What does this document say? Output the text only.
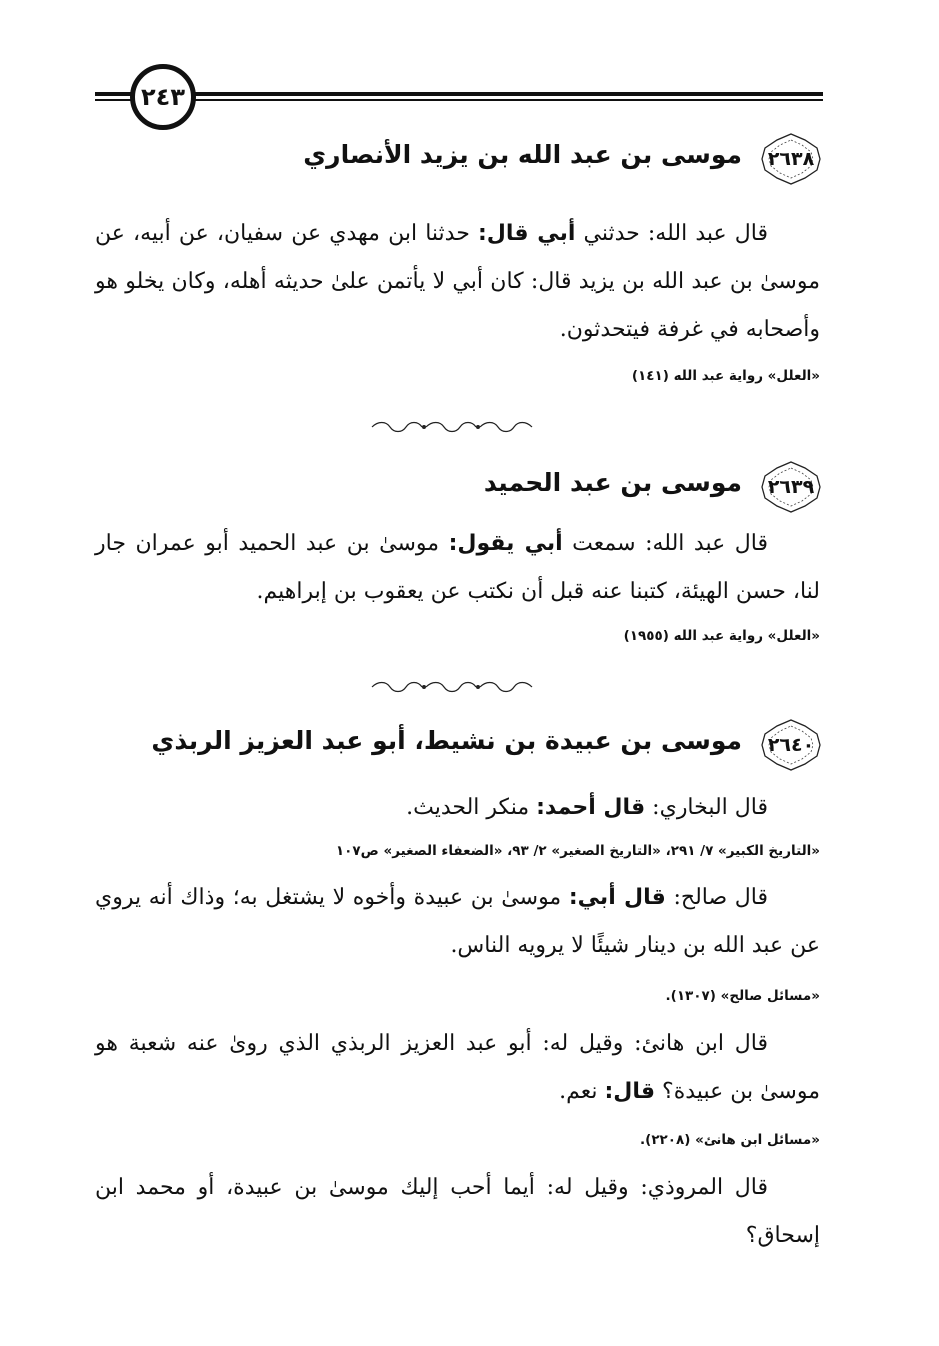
٢٤٣
٢٦٣٨
موسى بن عبد الله بن يزيد الأنصاري
قال عبد الله: حدثني أبي قال: حدثنا ابن مهدي عن سفيان، عن أبيه، عن موسىٰ بن عبد الله بن يزيد قال: كان أبي لا يأتمن علىٰ حديثه أهله، وكان يخلو هو وأصحابه في غرفة فيتحدثون.
«العلل» رواية عبد الله (١٤١)
٢٦٣٩
موسى بن عبد الحميد
قال عبد الله: سمعت أبي يقول: موسىٰ بن عبد الحميد أبو عمران جار لنا، حسن الهيئة، كتبنا عنه قبل أن نكتب عن يعقوب بن إبراهيم.
«العلل» رواية عبد الله (١٩٥٥)
٢٦٤٠
موسى بن عبيدة بن نشيط، أبو عبد العزيز الربذي
قال البخاري: قال أحمد: منكر الحديث.
«التاريخ الكبير» ٧/ ٢٩١، «التاريخ الصغير» ٢/ ٩٣، «الضعفاء الصغير» ص١٠٧
قال صالح: قال أبي: موسىٰ بن عبيدة وأخوه لا يشتغل به؛ وذاك أنه يروي عن عبد الله بن دينار شيئًا لا يرويه الناس.
«مسائل صالح» (١٣٠٧).
قال ابن هانئ: وقيل له: أبو عبد العزيز الربذي الذي رویٰ عنه شعبة هو موسىٰ بن عبيدة؟ قال: نعم.
«مسائل ابن هانئ» (٢٢٠٨).
قال المروذي: وقيل له: أيما أحب إليك موسىٰ بن عبيدة، أو محمد ابن إسحاق؟
